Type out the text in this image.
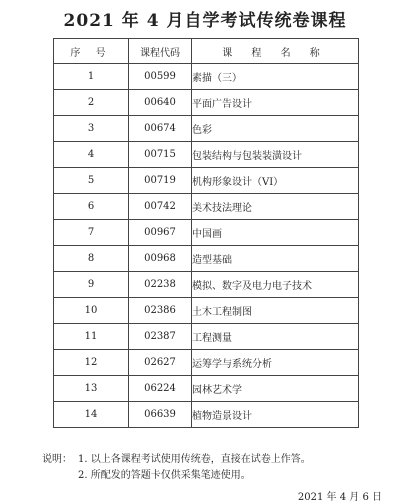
2021 年 4 月自学考试传统卷课程
序 号	课程代码	课 程 名 称
1	00599	素描（三）
2	00640	平面广告设计
3	00674	色彩
4	00715	包装结构与包装装潢设计
5	00719	机构形象设计（VI）
6	00742	美术技法理论
7	00967	中国画
8	00968	造型基础
9	02238	模拟、数字及电力电子技术
10	02386	土木工程制图
11	02387	工程测量
12	02627	运筹学与系统分析
13	06224	园林艺术学
14	06639	植物造景设计
说明： 1. 以上各课程考试使用传统卷，直接在试卷上作答。
2. 所配发的答题卡仅供采集笔迹使用。
2021 年 4 月 6 日
